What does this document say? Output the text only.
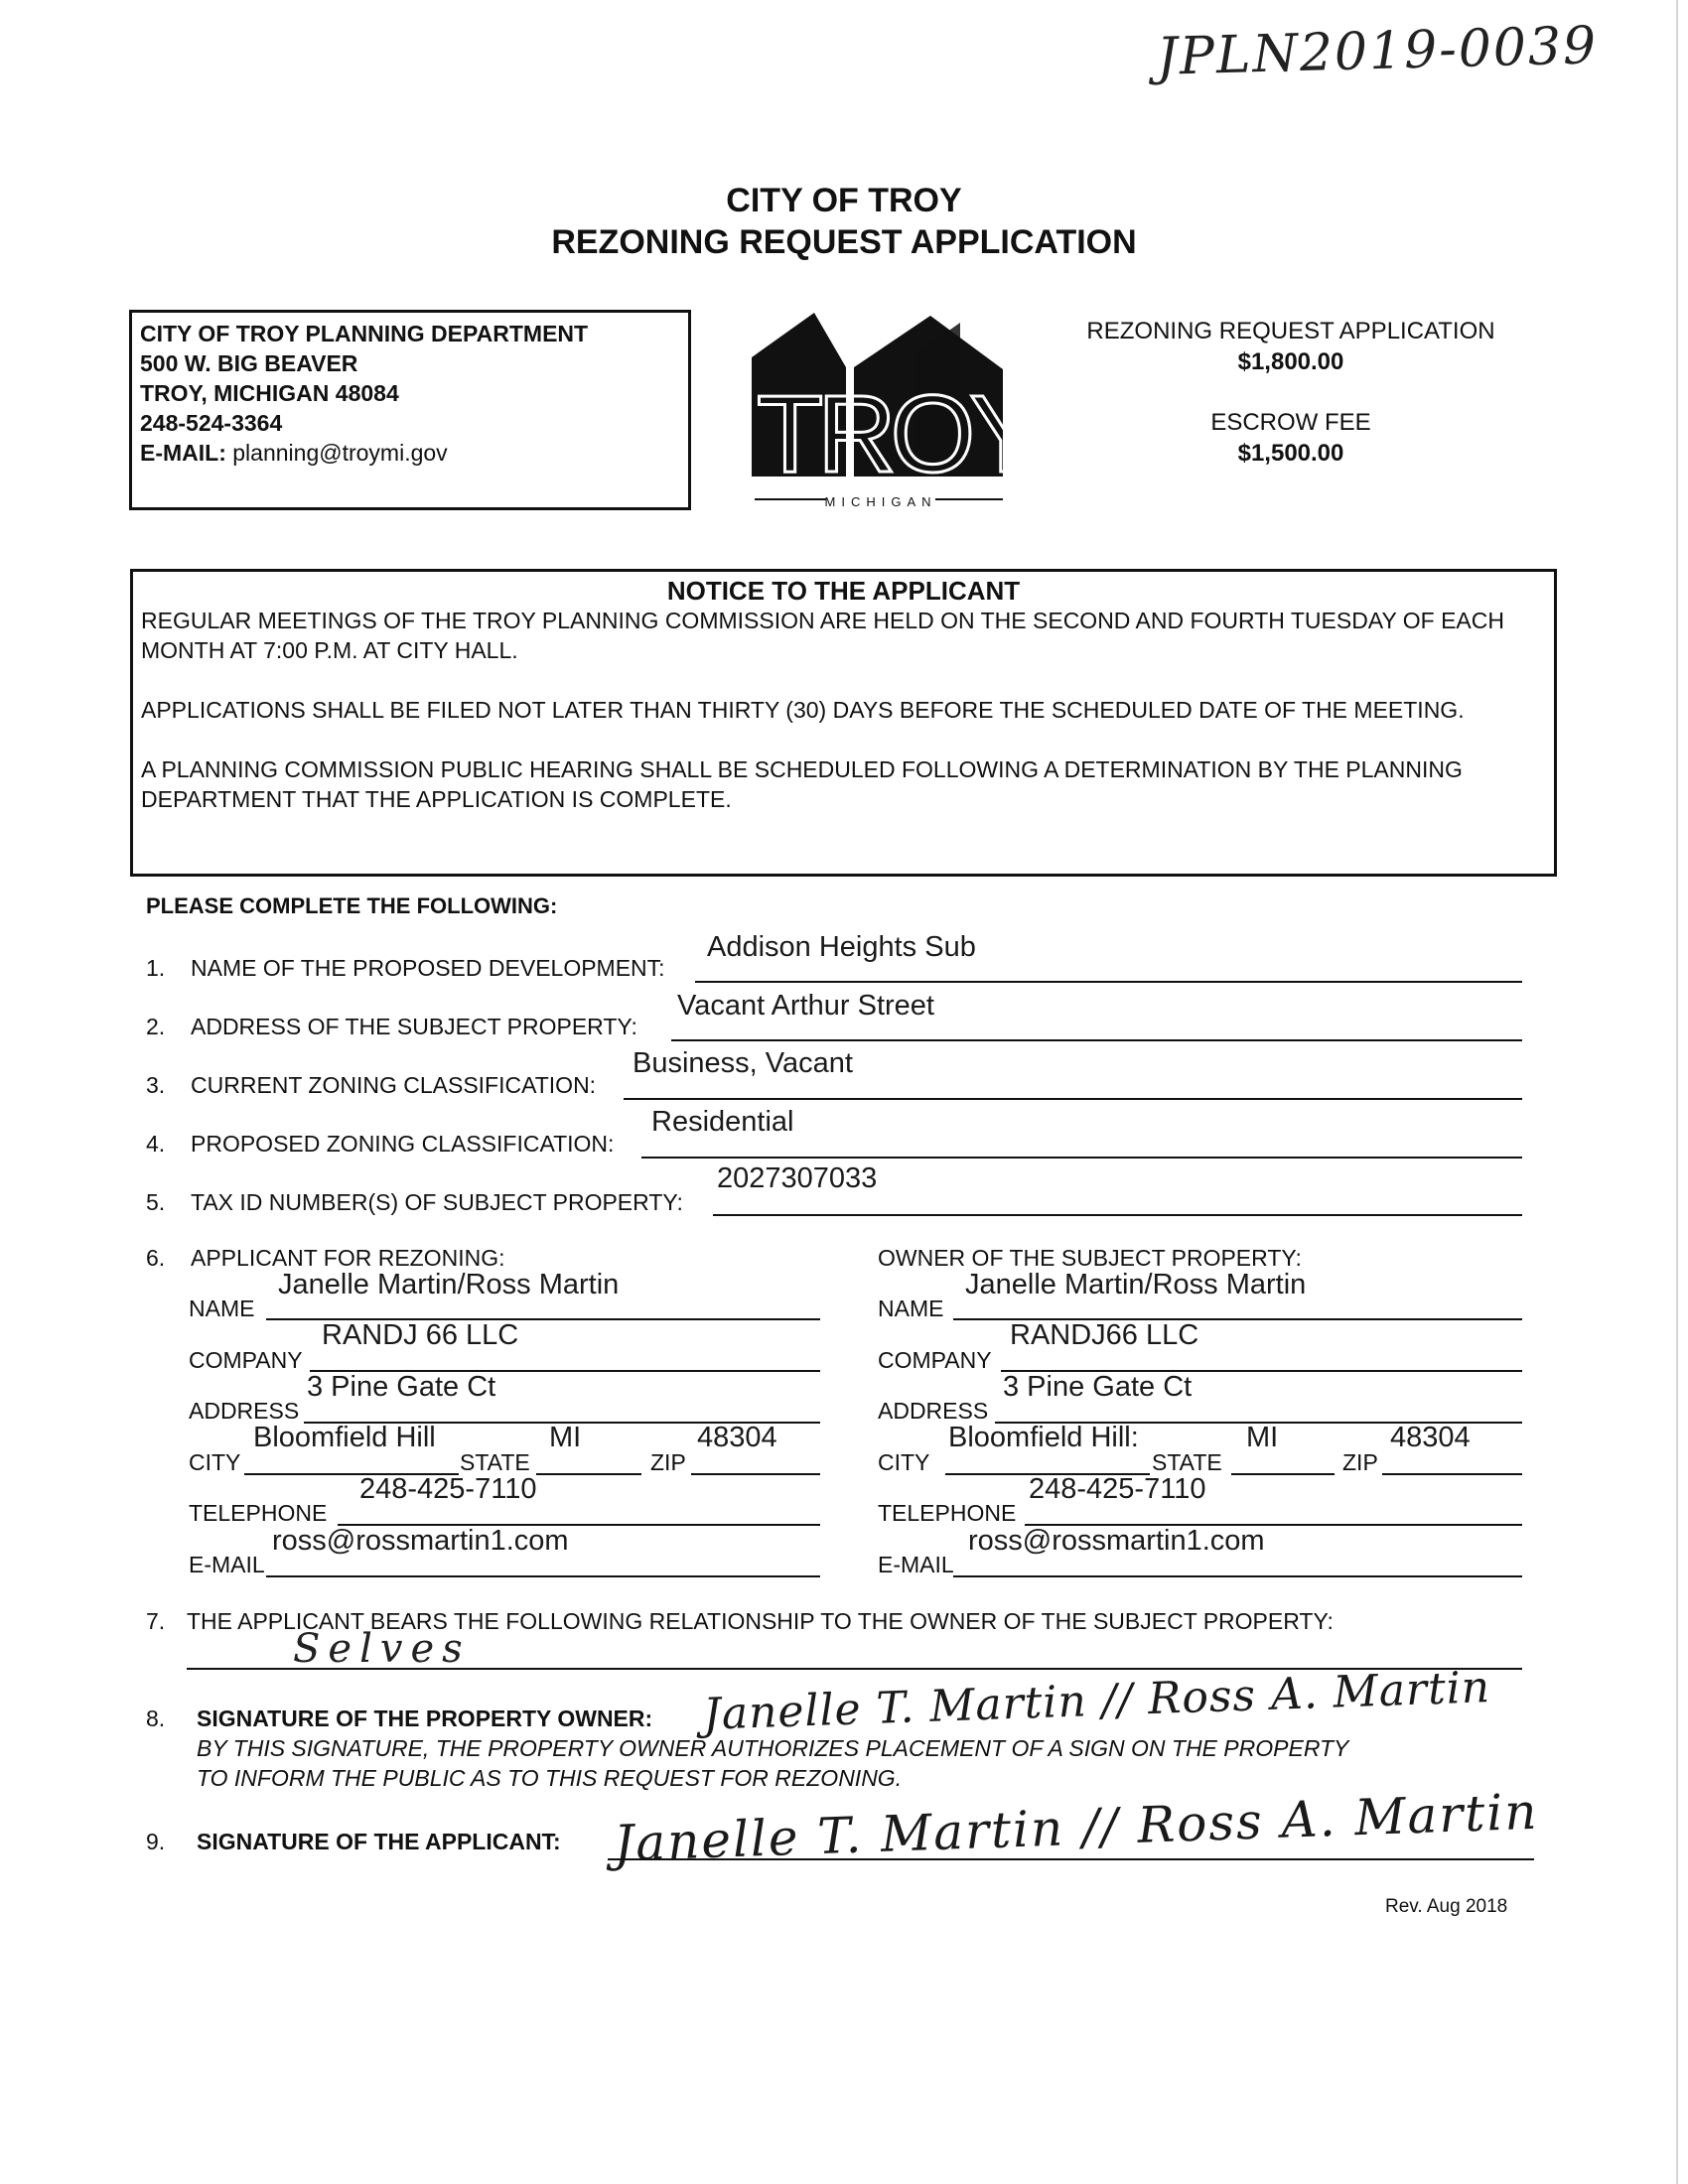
JPLN2019-0039
CITY OF TROY
REZONING REQUEST APPLICATION
CITY OF TROY PLANNING DEPARTMENT
500 W. BIG BEAVER
TROY, MICHIGAN 48084
248-524-3364
E-MAIL: planning@troymi.gov	TROY
MICHIGAN
REZONING REQUEST APPLICATION
$1,800.00
ESCROW FEE
$1,500.00
NOTICE TO THE APPLICANT

REGULAR MEETINGS OF THE TROY PLANNING COMMISSION ARE HELD ON THE SECOND AND FOURTH TUESDAY OF EACH MONTH AT 7:00 P.M. AT CITY HALL.

APPLICATIONS SHALL BE FILED NOT LATER THAN THIRTY (30) DAYS BEFORE THE SCHEDULED DATE OF THE MEETING.

A PLANNING COMMISSION PUBLIC HEARING SHALL BE SCHEDULED FOLLOWING A DETERMINATION BY THE PLANNING DEPARTMENT THAT THE APPLICATION IS COMPLETE.

PLEASE COMPLETE THE FOLLOWING:
1. NAME OF THE PROPOSED DEVELOPMENT:
Addison Heights Sub
2. ADDRESS OF THE SUBJECT PROPERTY:
Vacant Arthur Street
3. CURRENT ZONING CLASSIFICATION:
Business, Vacant
4. PROPOSED ZONING CLASSIFICATION:
Residential
5. TAX ID NUMBER(S) OF SUBJECT PROPERTY:
2027307033
6. APPLICANT FOR REZONING:
NAME
Janelle Martin/Ross Martin
COMPANY
RANDJ 66 LLC
ADDRESS
3 Pine Gate Ct
CITY
Bloomfield Hill
STATE
MI
ZIP
48304
TELEPHONE
248-425-7110
E-MAIL
ross@rossmartin1.com
OWNER OF THE SUBJECT PROPERTY:
NAME
Janelle Martin/Ross Martin
COMPANY
RANDJ66 LLC
ADDRESS
3 Pine Gate Ct
CITY
Bloomfield Hill:
STATE
MI
ZIP
48304
TELEPHONE
248-425-7110
E-MAIL
ross@rossmartin1.com
7. THE APPLICANT BEARS THE FOLLOWING RELATIONSHIP TO THE OWNER OF THE SUBJECT PROPERTY:
Selves
8. SIGNATURE OF THE PROPERTY OWNER:
BY THIS SIGNATURE, THE PROPERTY OWNER AUTHORIZES PLACEMENT OF A SIGN ON THE PROPERTY
TO INFORM THE PUBLIC AS TO THIS REQUEST FOR REZONING.
Janelle T. Martin // Ross A. Martin
9. SIGNATURE OF THE APPLICANT: Janelle T. Martin // Ross A. Martin
Rev. Aug 2018
